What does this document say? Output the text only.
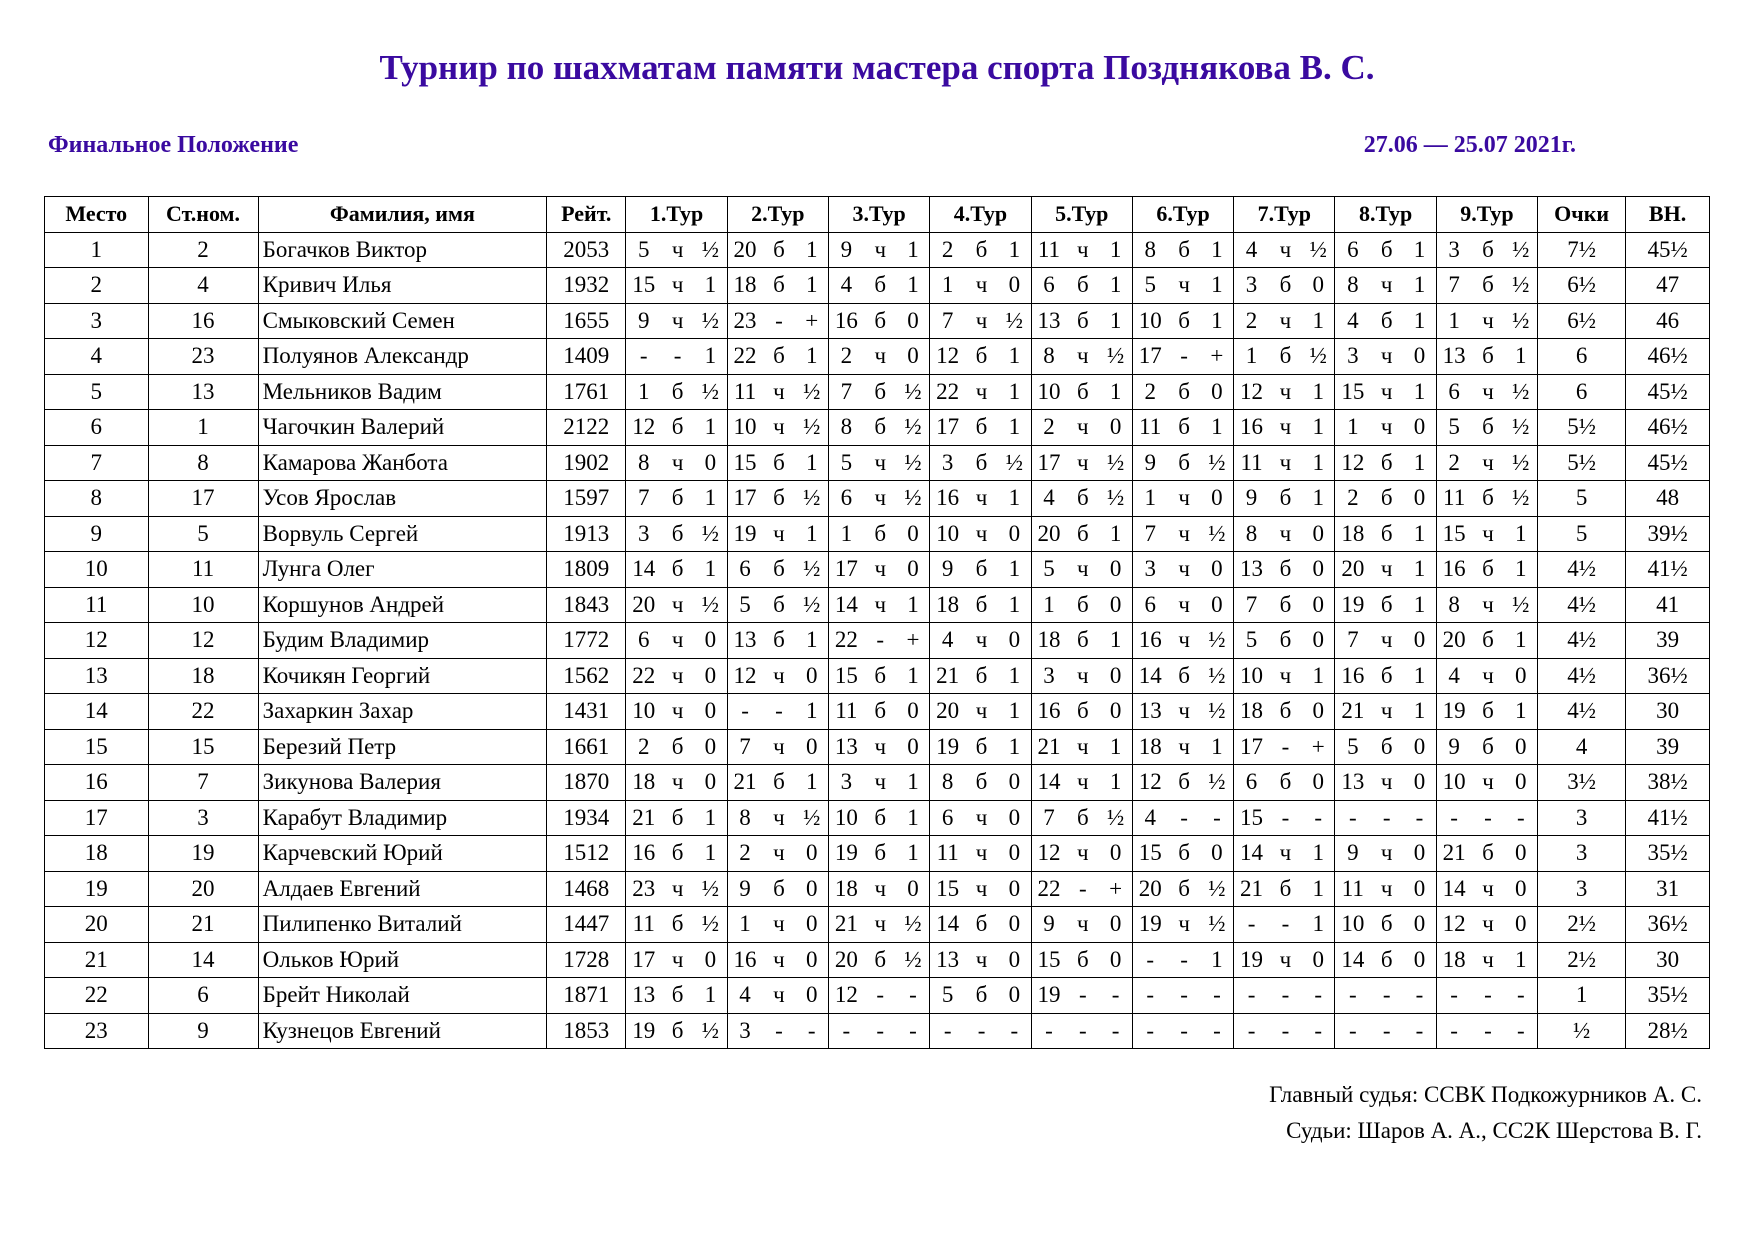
Турнир по шахматам памяти мастера спорта Позднякова В. С.
Финальное Положение	27.06 — 25.07 2021г.
Место	Ст.ном.	Фамилия, имя	Рейт.	1.Тур			2.Тур			3.Тур			4.Тур			5.Тур			6.Тур			7.Тур			8.Тур			9.Тур			Очки	ВН.
1	2	Богачков Виктор	2053	5	ч	½	20	б	1	9	ч	1	2	б	1	11	ч	1	8	б	1	4	ч	½	6	б	1	3	б	½	7½	45½
2	4	Кривич Илья	1932	15	ч	1	18	б	1	4	б	1	1	ч	0	6	б	1	5	ч	1	3	б	0	8	ч	1	7	б	½	6½	47
3	16	Смыковский Семен	1655	9	ч	½	23	-	+	16	б	0	7	ч	½	13	б	1	10	б	1	2	ч	1	4	б	1	1	ч	½	6½	46
4	23	Полуянов Александр	1409	-	-	1	22	б	1	2	ч	0	12	б	1	8	ч	½	17	-	+	1	б	½	3	ч	0	13	б	1	6	46½
5	13	Мельников Вадим	1761	1	б	½	11	ч	½	7	б	½	22	ч	1	10	б	1	2	б	0	12	ч	1	15	ч	1	6	ч	½	6	45½
6	1	Чагочкин Валерий	2122	12	б	1	10	ч	½	8	б	½	17	б	1	2	ч	0	11	б	1	16	ч	1	1	ч	0	5	б	½	5½	46½
7	8	Камарова Жанбота	1902	8	ч	0	15	б	1	5	ч	½	3	б	½	17	ч	½	9	б	½	11	ч	1	12	б	1	2	ч	½	5½	45½
8	17	Усов Ярослав	1597	7	б	1	17	б	½	6	ч	½	16	ч	1	4	б	½	1	ч	0	9	б	1	2	б	0	11	б	½	5	48
9	5	Ворвуль Сергей	1913	3	б	½	19	ч	1	1	б	0	10	ч	0	20	б	1	7	ч	½	8	ч	0	18	б	1	15	ч	1	5	39½
10	11	Лунга Олег	1809	14	б	1	6	б	½	17	ч	0	9	б	1	5	ч	0	3	ч	0	13	б	0	20	ч	1	16	б	1	4½	41½
11	10	Коршунов Андрей	1843	20	ч	½	5	б	½	14	ч	1	18	б	1	1	б	0	6	ч	0	7	б	0	19	б	1	8	ч	½	4½	41
12	12	Будим Владимир	1772	6	ч	0	13	б	1	22	-	+	4	ч	0	18	б	1	16	ч	½	5	б	0	7	ч	0	20	б	1	4½	39
13	18	Кочикян Георгий	1562	22	ч	0	12	ч	0	15	б	1	21	б	1	3	ч	0	14	б	½	10	ч	1	16	б	1	4	ч	0	4½	36½
14	22	Захаркин Захар	1431	10	ч	0	-	-	1	11	б	0	20	ч	1	16	б	0	13	ч	½	18	б	0	21	ч	1	19	б	1	4½	30
15	15	Березий Петр	1661	2	б	0	7	ч	0	13	ч	0	19	б	1	21	ч	1	18	ч	1	17	-	+	5	б	0	9	б	0	4	39
16	7	Зикунова Валерия	1870	18	ч	0	21	б	1	3	ч	1	8	б	0	14	ч	1	12	б	½	6	б	0	13	ч	0	10	ч	0	3½	38½
17	3	Карабут Владимир	1934	21	б	1	8	ч	½	10	б	1	6	ч	0	7	б	½	4	-	-	15	-	-	-	-	-	-	-	-	3	41½
18	19	Карчевский Юрий	1512	16	б	1	2	ч	0	19	б	1	11	ч	0	12	ч	0	15	б	0	14	ч	1	9	ч	0	21	б	0	3	35½
19	20	Алдаев Евгений	1468	23	ч	½	9	б	0	18	ч	0	15	ч	0	22	-	+	20	б	½	21	б	1	11	ч	0	14	ч	0	3	31
20	21	Пилипенко Виталий	1447	11	б	½	1	ч	0	21	ч	½	14	б	0	9	ч	0	19	ч	½	-	-	1	10	б	0	12	ч	0	2½	36½
21	14	Ольков Юрий	1728	17	ч	0	16	ч	0	20	б	½	13	ч	0	15	б	0	-	-	1	19	ч	0	14	б	0	18	ч	1	2½	30
22	6	Брейт Николай	1871	13	б	1	4	ч	0	12	-	-	5	б	0	19	-	-	-	-	-	-	-	-	-	-	-	-	-	-	1	35½
23	9	Кузнецов Евгений	1853	19	б	½	3	-	-	-	-	-	-	-	-	-	-	-	-	-	-	-	-	-	-	-	-	-	-	-	½	28½
Главный судья: ССВК Подкожурников А. С.
Судьи: Шаров А. А., СС2К Шерстова В. Г.
